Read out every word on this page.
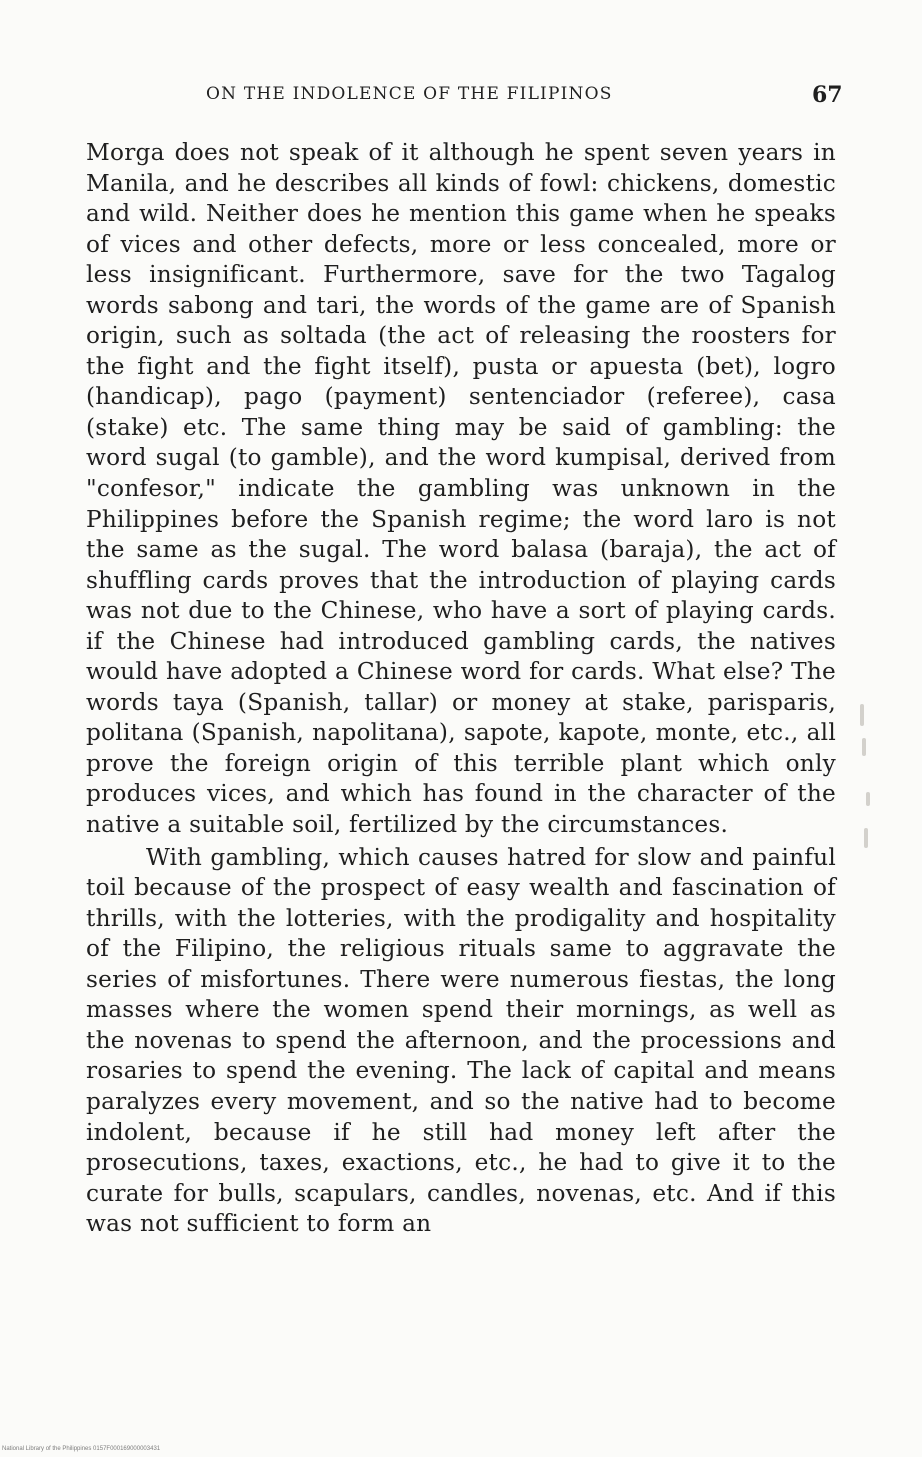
ON THE INDOLENCE OF THE FILIPINOS	67

Morga does not speak of it although he spent seven years in Manila, and he describes all kinds of fowl: chickens, domestic and wild. Neither does he mention this game when he speaks of vices and other defects, more or less concealed, more or less insignificant. Furthermore, save for the two Tagalog words sabong and tari, the words of the game are of Spanish origin, such as soltada (the act of releasing the roosters for the fight and the fight itself), pusta or apuesta (bet), logro (handicap), pago (payment) sentenciador (referee), casa (stake) etc. The same thing may be said of gambling: the word sugal (to gamble), and the word kumpisal, derived from "confesor," indicate the gambling was unknown in the Philippines before the Spanish regime; the word laro is not the same as the sugal. The word balasa (baraja), the act of shuffling cards proves that the introduction of playing cards was not due to the Chinese, who have a sort of playing cards. if the Chinese had introduced gambling cards, the natives would have adopted a Chinese word for cards. What else? The words taya (Spanish, tallar) or money at stake, parisparis, politana (Spanish, napolitana), sapote, kapote, monte, etc., all prove the foreign origin of this terrible plant which only produces vices, and which has found in the character of the native a suitable soil, fertilized by the circumstances.

With gambling, which causes hatred for slow and painful toil because of the prospect of easy wealth and fascination of thrills, with the lotteries, with the prodigality and hospitality of the Filipino, the religious rituals same to aggravate the series of misfortunes. There were numerous fiestas, the long masses where the women spend their mornings, as well as the novenas to spend the afternoon, and the processions and rosaries to spend the evening. The lack of capital and means paralyzes every movement, and so the native had to become indolent, because if he still had money left after the prosecutions, taxes, exactions, etc., he had to give it to the curate for bulls, scapulars, candles, novenas, etc. And if this was not sufficient to form an

National Library of the Philippines 0157F000169000003431
